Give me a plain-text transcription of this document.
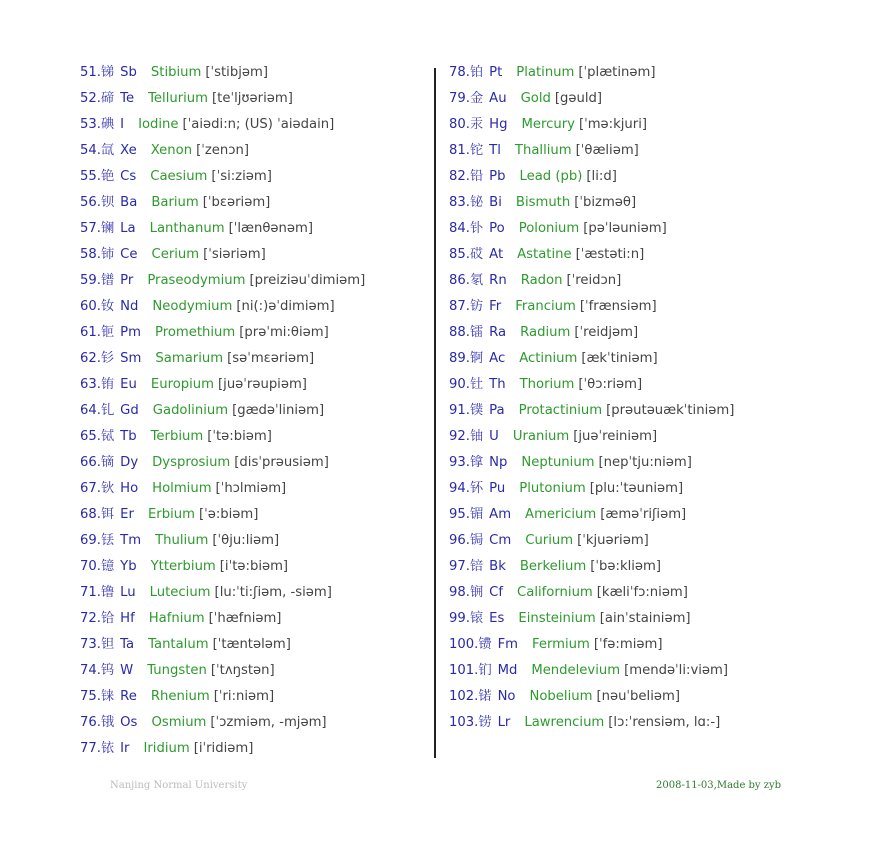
51. 锑 Sb Stibium [ˈstibjəm]
52. 碲 Te Tellurium [teˈljʊəriəm]
53. 碘 I Iodine [ˈaiədi:n; (US) ˈaiədain]
54. 氙 Xe Xenon [ˈzenɔn]
55. 铯 Cs Caesium [ˈsi:ziəm]
56. 钡 Ba Barium [ˈbεəriəm]
57. 镧 La Lanthanum [ˈlænθənəm]
58. 铈 Ce Cerium [ˈsiəriəm]
59. 镨 Pr Praseodymium [preiziəuˈdimiəm]
60. 钕 Nd Neodymium [ni(:)əˈdimiəm]
61. 钷 Pm Promethium [prəˈmi:θiəm]
62. 钐 Sm Samarium [səˈmεəriəm]
63. 铕 Eu Europium [juəˈrəupiəm]
64. 钆 Gd Gadolinium [gædəˈliniəm]
65. 铽 Tb Terbium [ˈtə:biəm]
66. 镝 Dy Dysprosium [disˈprəusiəm]
67. 钬 Ho Holmium [ˈhɔlmiəm]
68. 铒 Er Erbium [ˈə:biəm]
69. 铥 Tm Thulium [ˈθju:liəm]
70. 镱 Yb Ytterbium [iˈtə:biəm]
71. 镥 Lu Lutecium [lu:ˈti:ʃiəm, -siəm]
72. 铪 Hf Hafnium [ˈhæfniəm]
73. 钽 Ta Tantalum [ˈtæntələm]
74. 钨 W Tungsten [ˈtʌŋstən]
75. 铼 Re Rhenium [ˈri:niəm]
76. 锇 Os Osmium [ˈɔzmiəm, -mjəm]
77. 铱 Ir Iridium [iˈridiəm]
78. 铂 Pt Platinum [ˈplætinəm]
79. 金 Au Gold [gəuld]
80. 汞 Hg Mercury [ˈmə:kjuri]
81. 铊 Tl Thallium [ˈθæliəm]
82. 铅 Pb Lead (pb) [li:d]
83. 铋 Bi Bismuth [ˈbizməθ]
84. 钋 Po Polonium [pəˈləuniəm]
85. 砹 At Astatine [ˈæstəti:n]
86. 氡 Rn Radon [ˈreidɔn]
87. 钫 Fr Francium [ˈfrænsiəm]
88. 镭 Ra Radium [ˈreidjəm]
89. 锕 Ac Actinium [ækˈtiniəm]
90. 钍 Th Thorium [ˈθɔ:riəm]
91. 镤 Pa Protactinium [prəutəuækˈtiniəm]
92. 铀 U Uranium [juəˈreiniəm]
93. 镎 Np Neptunium [nepˈtju:niəm]
94. 钚 Pu Plutonium [plu:ˈtəuniəm]
95. 镅 Am Americium [æməˈriʃiəm]
96. 锔 Cm Curium [ˈkjuəriəm]
97. 锫 Bk Berkelium [ˈbə:kliəm]
98. 锎 Cf Californium [kæliˈfɔ:niəm]
99. 锿 Es Einsteinium [ainˈstainiəm]
100. 镄 Fm Fermium [ˈfə:miəm]
101. 钔 Md Mendelevium [mendəˈli:viəm]
102. 锘 No Nobelium [nəuˈbeliəm]
103. 铹 Lr Lawrencium [lɔ:ˈrensiəm, lɑ:-]
Nanjing Normal University	2008-11-03,Made by zyb
